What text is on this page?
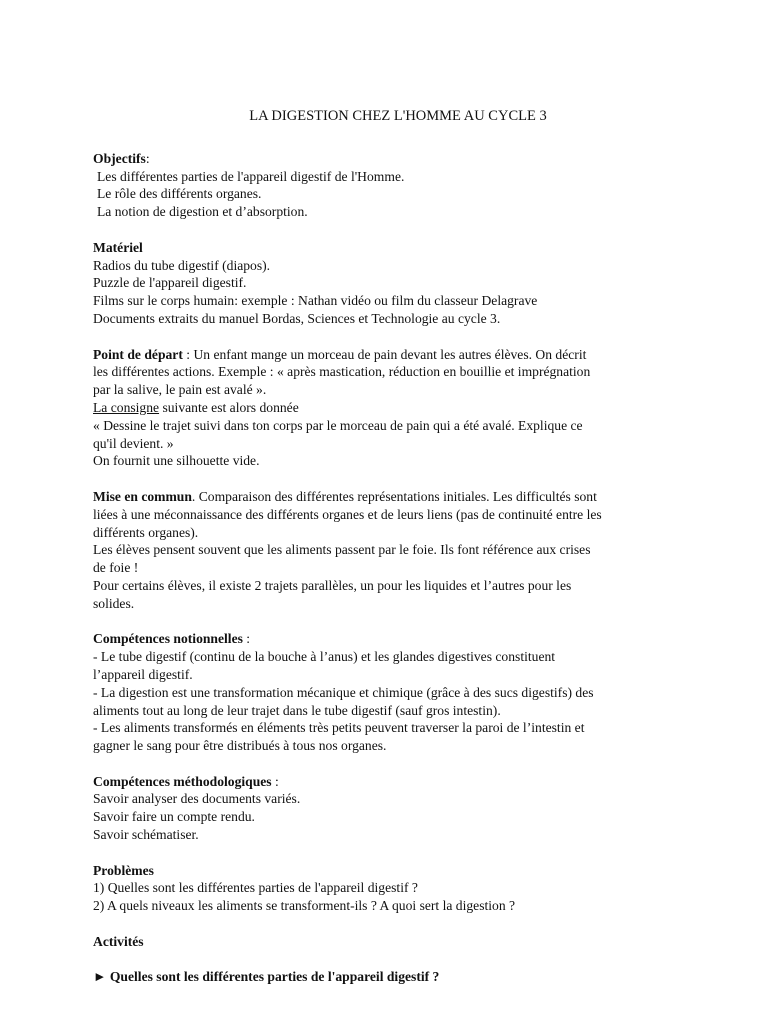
LA DIGESTION CHEZ L'HOMME AU CYCLE 3
Objectifs:
Les différentes parties de l'appareil digestif de l'Homme.
Le rôle des différents organes.
La notion de digestion et d’absorption.
Matériel
Radios du tube digestif (diapos).
Puzzle de l'appareil digestif.
Films sur le corps humain: exemple : Nathan vidéo ou film du classeur Delagrave
Documents extraits du manuel Bordas, Sciences et Technologie au cycle 3.
Point de départ : Un enfant mange un morceau de pain devant les autres élèves. On décrit
les différentes actions. Exemple : « après mastication, réduction en bouillie et imprégnation
par la salive, le pain est avalé ».
La consigne suivante est alors donnée
« Dessine le trajet suivi dans ton corps par le morceau de pain qui a été avalé. Explique ce
qu'il devient. »
On fournit une silhouette vide.
Mise en commun. Comparaison des différentes représentations initiales. Les difficultés sont
liées à une méconnaissance des différents organes et de leurs liens (pas de continuité entre les
différents organes).
Les élèves pensent souvent que les aliments passent par le foie. Ils font référence aux crises
de foie !
Pour certains élèves, il existe 2 trajets parallèles, un pour les liquides et l’autres pour les
solides.
Compétences notionnelles :
- Le tube digestif (continu de la bouche à l’anus) et les glandes digestives constituent
l’appareil digestif.
- La digestion est une transformation mécanique et chimique (grâce à des sucs digestifs) des
aliments tout au long de leur trajet dans le tube digestif (sauf gros intestin).
- Les aliments transformés en éléments très petits peuvent traverser la paroi de l’intestin et
gagner le sang pour être distribués à tous nos organes.
Compétences méthodologiques :
Savoir analyser des documents variés.
Savoir faire un compte rendu.
Savoir schématiser.
Problèmes
1) Quelles sont les différentes parties de l'appareil digestif ?
2) A quels niveaux les aliments se transforment-ils ? A quoi sert la digestion ?
Activités
► Quelles sont les différentes parties de l'appareil digestif ?
